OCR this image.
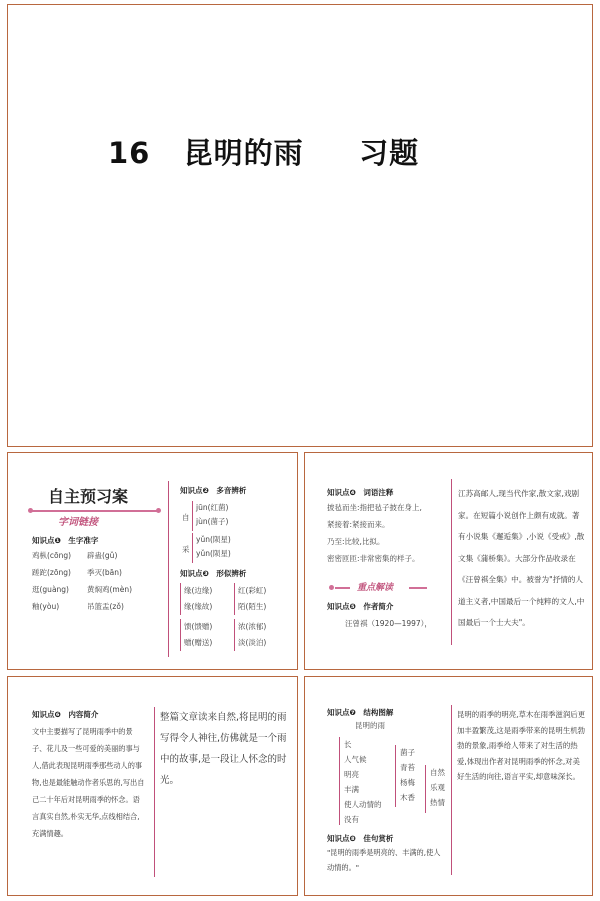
16   昆明的雨     习题
自主预习案
字词链接
知识点❶　生字准字
鸡枞(cōng) 辟蛊(gǔ)
蹉跎(zōng) 季灭(bān)
逛(guàng) 黄焖鸡(mèn)
釉(yòu)	吊篮盂(zǒ)
知识点❷　多音辨析
自
jūn(红菌)
jùn(菌子)
采
yǔn(陨星)
yǔn(陨星)
知识点❸　形似辨析
缘(边缘)
缘(缘故)
红(彩虹)
陌(陌生)
馈(馈赠)
赠(赠送)
浓(浓郁)
淡(淡泊)
知识点❹　词语注释
披毡而坐:指把毡子披在身上,
紧接着:紧接而来。
乃至:比较,比拟。
密密匝匝:非常密集的样子。
重点解读
知识点❺　作者简介
汪曾祺（1920—1997），
江苏高邮人,现当代作家,散文家,戏剧家。在短篇小说创作上颇有成就。著有小说集《邂逅集》,小说《受戒》,散文集《蒲桥集》。大部分作品收录在《汪曾祺全集》中。被誉为"抒情的人道主义者,中国最后一个纯粹的文人,中国最后一个士大夫"。
知识点❻　内容简介
文中主要描写了昆明雨季中的景子、花儿及一些可爱的美丽的事与人,借此表现昆明雨季那些动人的事物,也是最能触动作者乐思的,写出自己二十年后对昆明雨季的怀念。语言真实自然,朴实无华,点线相结合,充满情趣。
整篇文章读来自然,将昆明的雨写得令人神往,仿佛就是一个雨中的故事,是一段让人怀念的时光。
知识点❼　结构图解
昆明的雨
长
人气候
明亮
丰满
使人动情的
没有
菌子
青苔
杨梅
木香
自然
乐观
热情
知识点❽　佳句赏析
"昆明的雨季是明亮的、丰满的,使人动情的。"
昆明的雨季的明亮,草木在雨季滋润后更加丰盈繁茂,这是雨季带来的昆明生机勃勃的景象,雨季给人带来了对生活的热爱,体现出作者对昆明雨季的怀念,对美好生活的向往,语言平实,却意味深长。
